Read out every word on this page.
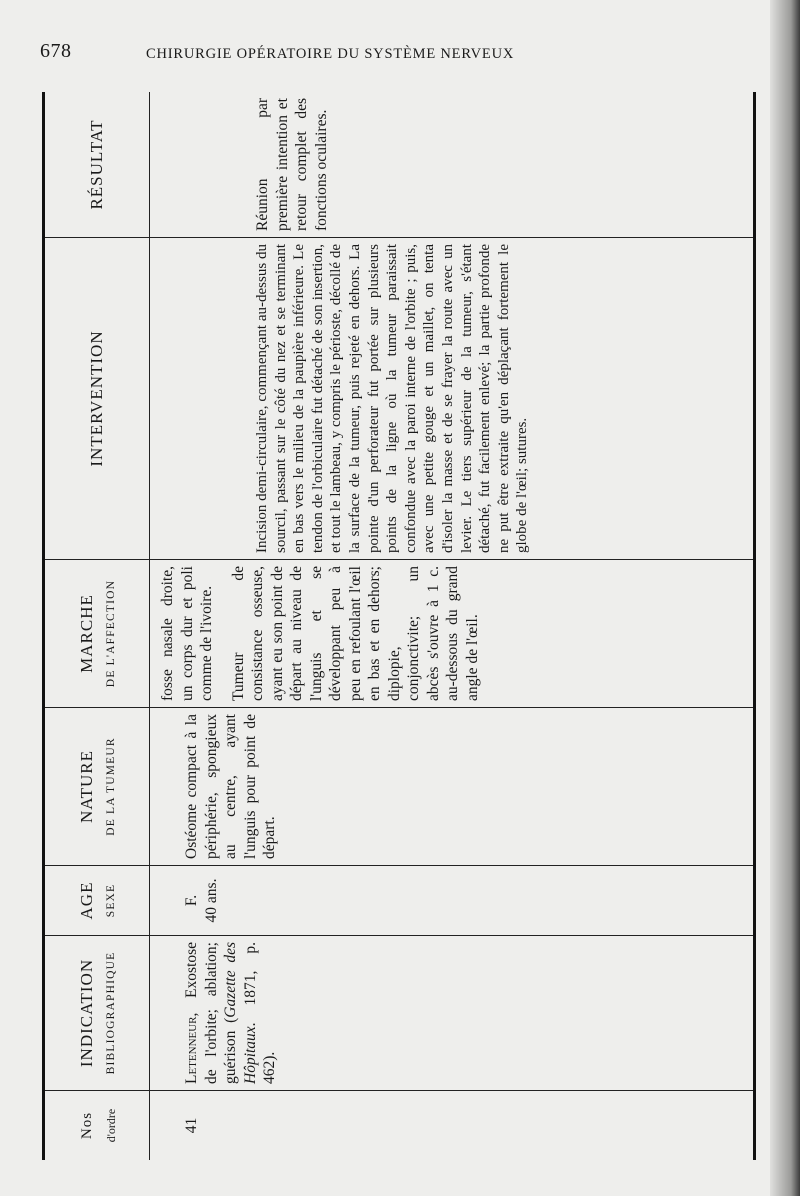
678	CHIRURGIE OPÉRATOIRE DU SYSTÈME NERVEUX
Nos d'ordre	41
INDICATION BIBLIOGRAPHIQUE	Letenneur, Exostose de l'orbite; ablation; guérison (Gazette des Hôpitaux. 1871, p. 462).
AGE SEXE	F. 40 ans.
NATURE DE LA TUMEUR	Ostéome compact à la périphérie, spongieux au centre, ayant l'unguis pour point de départ.
MARCHE DE L'AFFECTION	fosse nasale droite, un corps dur et poli comme de l'ivoire. Tumeur de consistance osseuse, ayant eu son point de départ au niveau de l'unguis et se développant peu à peu en refoulant l'œil en bas et en dehors; diplopie, conjonctivite; un abcès s'ouvre à 1 c. au-dessous du grand angle de l'œil.
INTERVENTION	Incision demi-circulaire, commençant au-dessus du sourcil, passant sur le côté du nez et se terminant en bas vers le milieu de la paupière inférieure. Le tendon de l'orbiculaire fut détaché de son insertion, et tout le lambeau, y compris le périoste, décollé de la surface de la tumeur, puis rejeté en dehors. La pointe d'un perforateur fut portée sur plusieurs points de la ligne où la tumeur paraissait confondue avec la paroi interne de l'orbite ; puis, avec une petite gouge et un maillet, on tenta d'isoler la masse et de se frayer la route avec un levier. Le tiers supérieur de la tumeur, s'étant détaché, fut facilement enlevé; la partie profonde ne put être extraite qu'en déplaçant fortement le globe de l'œil; sutures.
RÉSULTAT	Réunion par première intention et retour complet des fonctions oculaires.
